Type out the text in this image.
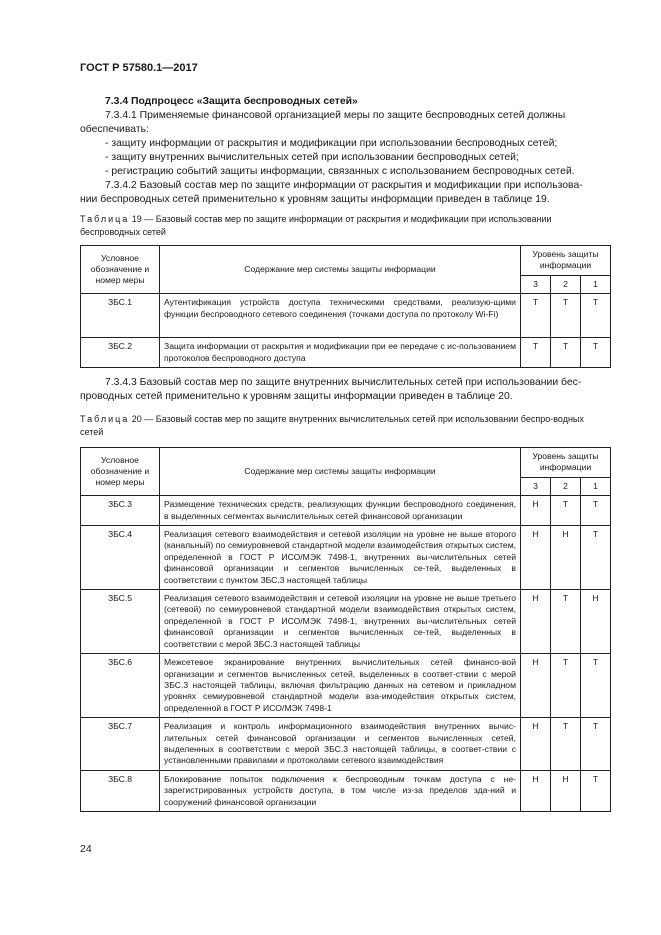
ГОСТ Р 57580.1—2017
7.3.4 Подпроцесс «Защита беспроводных сетей»
7.3.4.1 Применяемые финансовой организацией меры по защите беспроводных сетей должны
обеспечивать:
- защиту информации от раскрытия и модификации при использовании беспроводных сетей;
- защиту внутренних вычислительных сетей при использовании беспроводных сетей;
- регистрацию событий защиты информации, связанных с использованием беспроводных сетей.
7.3.4.2 Базовый состав мер по защите информации от раскрытия и модификации при использова-
нии беспроводных сетей применительно к уровням защиты информации приведен в таблице 19.
Таблица 19 — Базовый состав мер по защите информации от раскрытия и модификации при использовании беспроводных сетей
Условное обозначение и номер меры	Содержание мер системы защиты информации	Уровень защиты информации		
		3	2	1
ЗБС.1	Аутентификация устройств доступа техническими средствами, реализую-щими функции беспроводного сетевого соединения (точками доступа по протоколу Wi-Fi)	Т	Т	Т
ЗБС.2	Защита информации от раскрытия и модификации при ее передаче с ис-пользованием протоколов беспроводного доступа	Т	Т	Т
7.3.4.3 Базовый состав мер по защите внутренних вычислительных сетей при использовании бес-
проводных сетей применительно к уровням защиты информации приведен в таблице 20.
Таблица 20 — Базовый состав мер по защите внутренних вычислительных сетей при использовании беспро-водных сетей
Условное обозначение и номер меры	Содержание мер системы защиты информации	Уровень защиты информации		
		3	2	1
ЗБС.3	Размещение технических средств, реализующих функции беспроводного соединения, в выделенных сегментах вычислительных сетей финансовой организации	Н	Т	Т
ЗБС.4	Реализация сетевого взаимодействия и сетевой изоляции на уровне не выше второго (канальный) по семиуровневой стандартной модели взаимодействия открытых систем, определенной в ГОСТ Р ИСО/МЭК 7498-1, внутренних вы-числительных сетей финансовой организации и сегментов вычисленных се-тей, выделенных в соответствии с пунктом ЗБС.3 настоящей таблицы	Н	Н	Т
ЗБС.5	Реализация сетевого взаимодействия и сетевой изоляции на уровне не выше третьего (сетевой) по семиуровневой стандартной модели взаимодействия открытых систем, определенной в ГОСТ Р ИСО/МЭК 7498-1, внутренних вы-числительных сетей финансовой организации и сегментов вычисленных се-тей, выделенных в соответствии с мерой ЗБС.3 настоящей таблицы	Н	Т	Н
ЗБС.6	Межсетевое экранирование внутренних вычислительных сетей финансо-вой организации и сегментов вычисленных сетей, выделенных в соответ-ствии с мерой ЗБС.3 настоящей таблицы, включая фильтрацию данных на сетевом и прикладном уровнях семиуровневой стандартной модели вза-имодействия открытых систем, определенной в ГОСТ Р ИСО/МЭК 7498-1	Н	Т	Т
ЗБС.7	Реализация и контроль информационного взаимодействия внутренних вычис-лительных сетей финансовой организации и сегментов вычисленных сетей, выделенных в соответствии с мерой ЗБС.3 настоящей таблицы, в соответ-ствии с установленными правилами и протоколами сетевого взаимодействия	Н	Т	Т
ЗБС.8	Блокирование попыток подключения к беспроводным точкам доступа с не-зарегистрированных устройств доступа, в том числе из-за пределов зда-ний и сооружений финансовой организации	Н	Н	Т
24
